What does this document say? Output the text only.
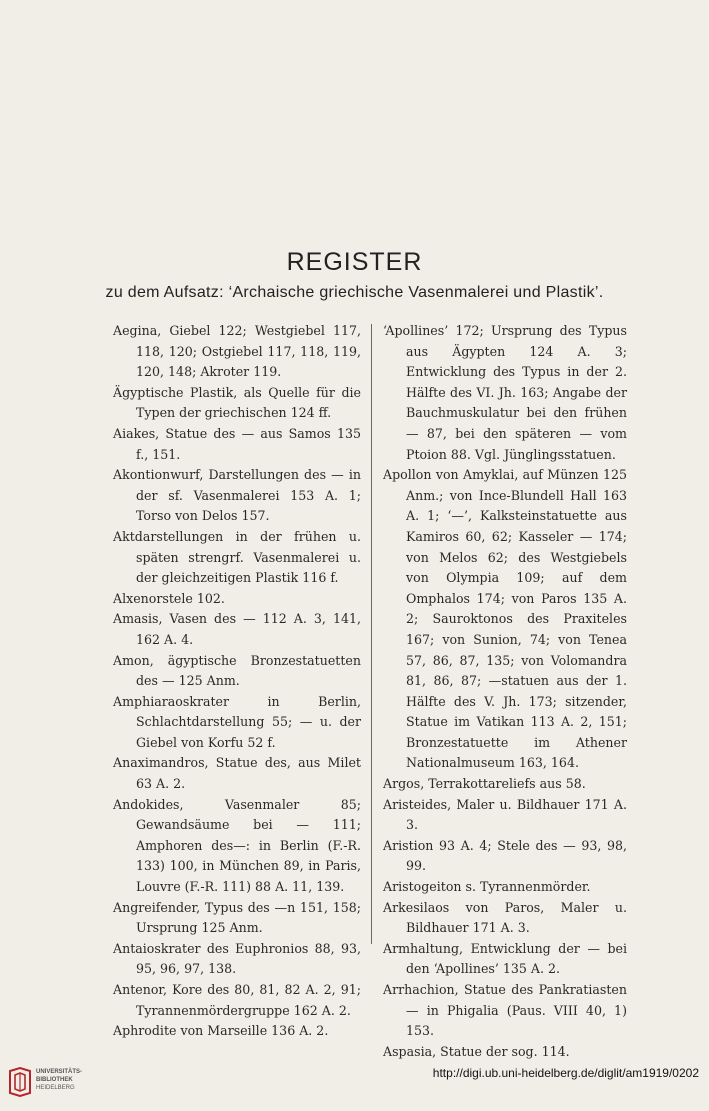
REGISTER
zu dem Aufsatz: ‘Archaische griechische Vasenmalerei und Plastik’.
Aegina, Giebel 122; Westgiebel 117, 118, 120; Ostgiebel 117, 118, 119, 120, 148; Akroter 119.
Ägyptische Plastik, als Quelle für die Typen der griechischen 124 ff.
Aiakes, Statue des — aus Samos 135 f., 151.
Akontionwurf, Darstellungen des — in der sf. Vasenmalerei 153 A. 1; Torso von Delos 157.
Aktdarstellungen in der frühen u. späten strengrf. Vasenmalerei u. der gleichzeitigen Plastik 116 f.
Alxenorstele 102.
Amasis, Vasen des — 112 A. 3, 141, 162 A. 4.
Amon, ägyptische Bronzestatuetten des — 125 Anm.
Amphiaraoskrater in Berlin, Schlachtdarstellung 55; — u. der Giebel von Korfu 52 f.
Anaximandros, Statue des, aus Milet 63 A. 2.
Andokides, Vasenmaler 85; Gewandsäume bei — 111; Amphoren des—: in Berlin (F.-R. 133) 100, in München 89, in Paris, Louvre (F.-R. 111) 88 A. 11, 139.
Angreifender, Typus des —n 151, 158; Ursprung 125 Anm.
Antaioskrater des Euphronios 88, 93, 95, 96, 97, 138.
Antenor, Kore des 80, 81, 82 A. 2, 91; Tyrannenmördergruppe 162 A. 2.
Aphrodite von Marseille 136 A. 2.
‘Apollines’ 172; Ursprung des Typus aus Ägypten 124 A. 3; Entwicklung des Typus in der 2. Hälfte des VI. Jh. 163; Angabe der Bauchmuskulatur bei den frühen — 87, bei den späteren — vom Ptoion 88. Vgl. Jünglingsstatuen.
Apollon von Amyklai, auf Münzen 125 Anm.; von Ince-Blundell Hall 163 A. 1; ‘—’, Kalksteinstatuette aus Kamiros 60, 62; Kasseler — 174; von Melos 62; des Westgiebels von Olympia 109; auf dem Omphalos 174; von Paros 135 A. 2; Sauroktonos des Praxiteles 167; von Sunion, 74; von Tenea 57, 86, 87, 135; von Volomandra 81, 86, 87; —statuen aus der 1. Hälfte des V. Jh. 173; sitzender, Statue im Vatikan 113 A. 2, 151; Bronzestatuette im Athener Nationalmuseum 163, 164.
Argos, Terrakottareliefs aus 58.
Aristeides, Maler u. Bildhauer 171 A. 3.
Aristion 93 A. 4; Stele des — 93, 98, 99.
Aristogeiton s. Tyrannenmörder.
Arkesilaos von Paros, Maler u. Bildhauer 171 A. 3.
Armhaltung, Entwicklung der — bei den ‘Apollines’ 135 A. 2.
Arrhachion, Statue des Pankratiasten — in Phigalia (Paus. VIII 40, 1) 153.
Aspasia, Statue der sog. 114.
UNIVERSITÄTS-
BIBLIOTHEK
HEIDELBERG
http://digi.ub.uni-heidelberg.de/diglit/am1919/0202
